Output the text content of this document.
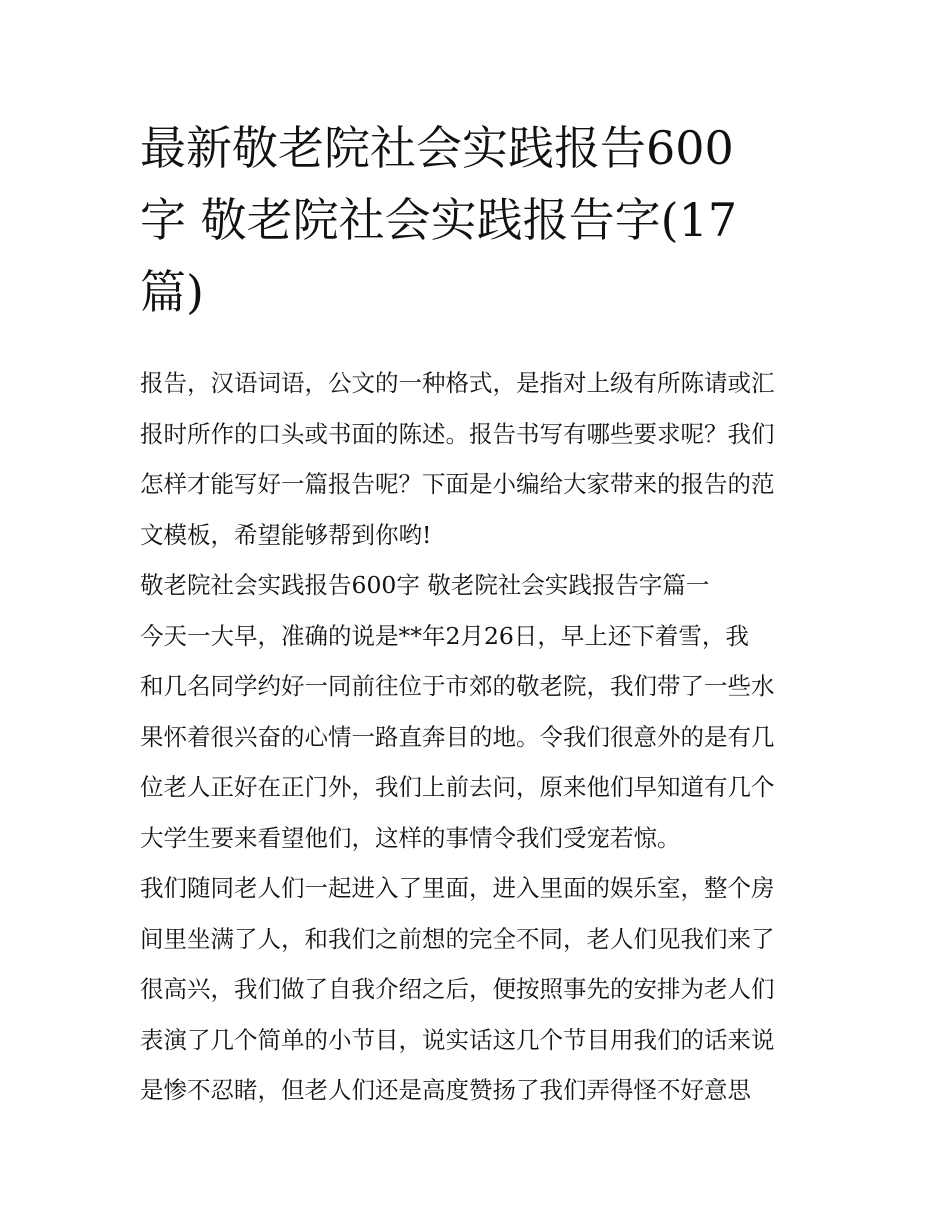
最新敬老院社会实践报告600
字 敬老院社会实践报告字(17
篇)

报告，汉语词语，公文的一种格式，是指对上级有所陈请或汇
报时所作的口头或书面的陈述。报告书写有哪些要求呢？我们
怎样才能写好一篇报告呢？下面是小编给大家带来的报告的范
文模板，希望能够帮到你哟!

敬老院社会实践报告600字 敬老院社会实践报告字篇一

今天一大早，准确的说是**年2月26日，早上还下着雪，我
和几名同学约好一同前往位于市郊的敬老院，我们带了一些水
果怀着很兴奋的心情一路直奔目的地。令我们很意外的是有几
位老人正好在正门外，我们上前去问，原来他们早知道有几个
大学生要来看望他们，这样的事情令我们受宠若惊。

我们随同老人们一起进入了里面，进入里面的娱乐室，整个房
间里坐满了人，和我们之前想的完全不同，老人们见我们来了
很高兴，我们做了自我介绍之后，便按照事先的安排为老人们
表演了几个简单的小节目，说实话这几个节目用我们的话来说
是惨不忍睹，但老人们还是高度赞扬了我们弄得怪不好意思
